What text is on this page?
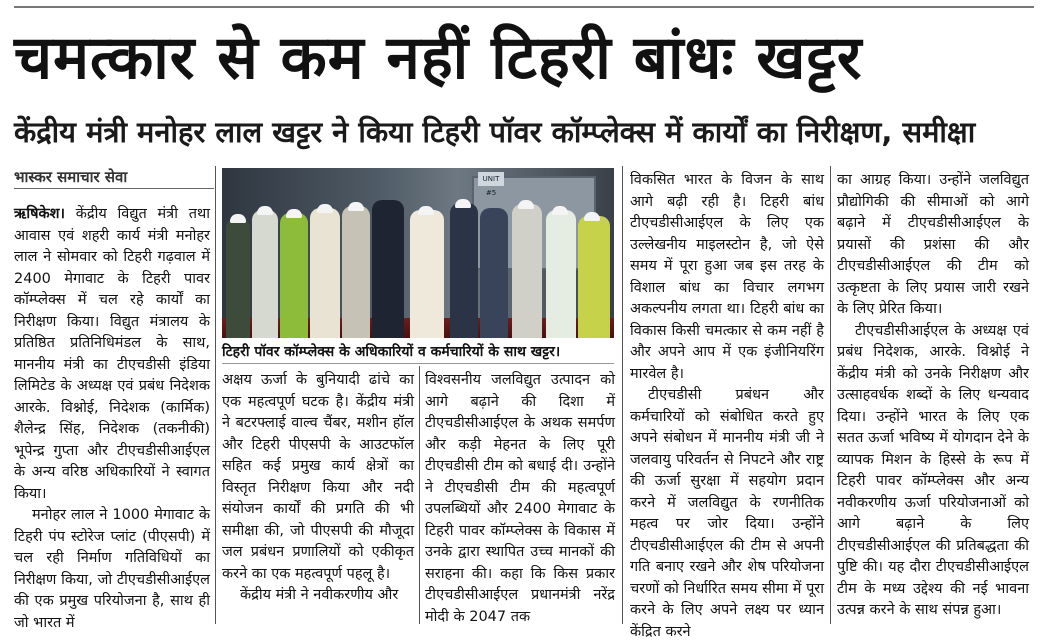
चमत्कार से कम नहीं टिहरी बांधः खट्टर
केंद्रीय मंत्री मनोहर लाल खट्टर ने किया टिहरी पॉवर कॉम्प्लेक्स में कार्यों का निरीक्षण, समीक्षा
भास्कर समाचार सेवा

ऋषिकेश। केंद्रीय विद्युत मंत्री तथा आवास एवं शहरी कार्य मंत्री मनोहर लाल ने सोमवार को टिहरी गढ़वाल में 2400 मेगावाट के टिहरी पावर कॉम्प्लेक्स में चल रहे कार्यों का निरीक्षण किया। विद्युत मंत्रालय के प्रतिष्ठित प्रतिनिधिमंडल के साथ, माननीय मंत्री का टीएचडीसी इंडिया लिमिटेड के अध्यक्ष एवं प्रबंध निदेशक आरके. विश्नोई, निदेशक (कार्मिक) शैलेन्द्र सिंह, निदेशक (तकनीकी) भूपेन्द्र गुप्ता और टीएचडीसीआईएल के अन्य वरिष्ठ अधिकारियों ने स्वागत किया।

मनोहर लाल ने 1000 मेगावाट के टिहरी पंप स्टोरेज प्लांट (पीएसपी) में चल रही निर्माण गतिविधियों का निरीक्षण किया, जो टीएचडीसीआईएल की एक प्रमुख परियोजना है, साथ ही जो भारत में

UNIT #5
टिहरी पॉवर कॉम्प्लेक्स के अधिकारियों व कर्मचारियों के साथ खट्टर।

अक्षय ऊर्जा के बुनियादी ढांचे का एक महत्वपूर्ण घटक है। केंद्रीय मंत्री ने बटरफ्लाई वाल्व चैंबर, मशीन हॉल और टिहरी पीएसपी के आउटफॉल सहित कई प्रमुख कार्य क्षेत्रों का विस्तृत निरीक्षण किया और नदी संयोजन कार्यों की प्रगति की भी समीक्षा की, जो पीएसपी की मौजूदा जल प्रबंधन प्रणालियों को एकीकृत करने का एक महत्वपूर्ण पहलू है।

केंद्रीय मंत्री ने नवीकरणीय और

विश्वसनीय जलविद्युत उत्पादन को आगे बढ़ाने की दिशा में टीएचडीसीआईएल के अथक समर्पण और कड़ी मेहनत के लिए पूरी टीएचडीसी टीम को बधाई दी। उन्होंने ने टीएचडीसी टीम की महत्वपूर्ण उपलब्धियों और 2400 मेगावाट के टिहरी पावर कॉम्प्लेक्स के विकास में उनके द्वारा स्थापित उच्च मानकों की सराहना की। कहा कि किस प्रकार टीएचडीसीआईएल प्रधानमंत्री नरेंद्र मोदी के 2047 तक

विकसित भारत के विजन के साथ आगे बढ़ी रही है। टिहरी बांध टीएचडीसीआईएल के लिए एक उल्लेखनीय माइलस्टोन है, जो ऐसे समय में पूरा हुआ जब इस तरह के विशाल बांध का विचार लगभग अकल्पनीय लगता था। टिहरी बांध का विकास किसी चमत्कार से कम नहीं है और अपने आप में एक इंजीनियरिंग मारवेल है।

टीएचडीसी प्रबंधन और कर्मचारियों को संबोधित करते हुए अपने संबोधन में माननीय मंत्री जी ने जलवायु परिवर्तन से निपटने और राष्ट्र की ऊर्जा सुरक्षा में सहयोग प्रदान करने में जलविद्युत के रणनीतिक महत्व पर जोर दिया। उन्होंने टीएचडीसीआईएल की टीम से अपनी गति बनाए रखने और शेष परियोजना चरणों को निर्धारित समय सीमा में पूरा करने के लिए अपने लक्ष्य पर ध्यान केंद्रित करने

का आग्रह किया। उन्होंने जलविद्युत प्रौद्योगिकी की सीमाओं को आगे बढ़ाने में टीएचडीसीआईएल के प्रयासों की प्रशंसा की और टीएचडीसीआईएल की टीम को उत्कृष्टता के लिए प्रयास जारी रखने के लिए प्रेरित किया।

टीएचडीसीआईएल के अध्यक्ष एवं प्रबंध निदेशक, आरके. विश्नोई ने केंद्रीय मंत्री को उनके निरीक्षण और उत्साहवर्धक शब्दों के लिए धन्यवाद दिया। उन्होंने भारत के लिए एक सतत ऊर्जा भविष्य में योगदान देने के व्यापक मिशन के हिस्से के रूप में टिहरी पावर कॉम्प्लेक्स और अन्य नवीकरणीय ऊर्जा परियोजनाओं को आगे बढ़ाने के लिए टीएचडीसीआईएल की प्रतिबद्धता की पुष्टि की। यह दौरा टीएचडीसीआईएल टीम के मध्य उद्देश्य की नई भावना उत्पन्न करने के साथ संपन्न हुआ।
